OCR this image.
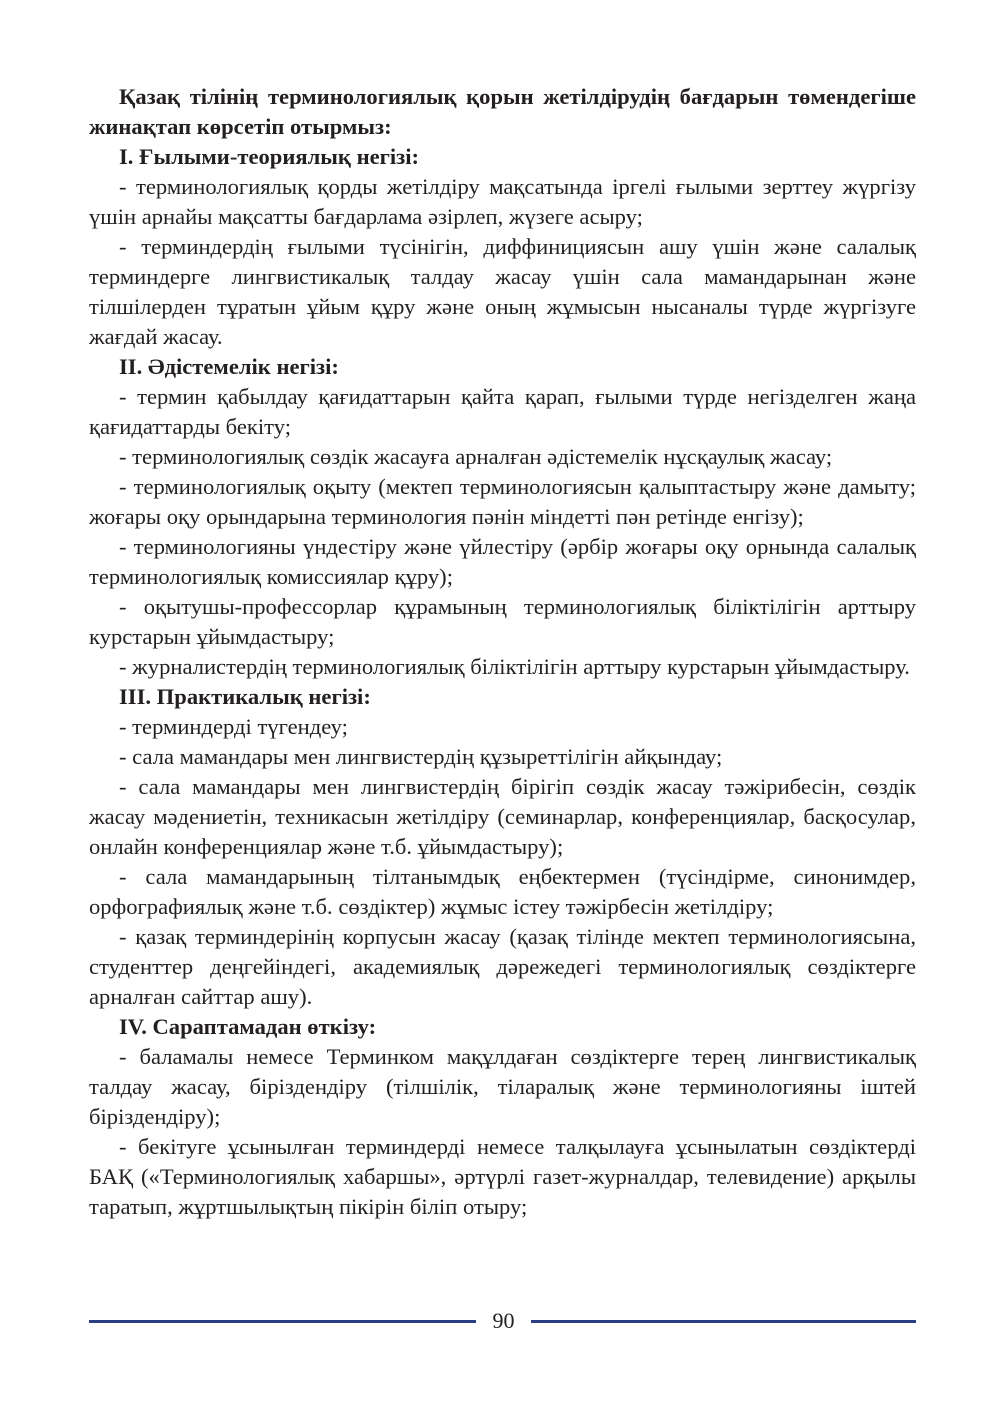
Қазақ тілінің терминологиялық қорын жетілдірудің бағдарын төмендегіше жинақтап көрсетіп отырмыз:

І. Ғылыми-теориялық негізі:

- терминологиялық қорды жетілдіру мақсатында іргелі ғылыми зерттеу жүргізу үшін арнайы мақсатты бағдарлама әзірлеп, жүзеге асыру;

- терминдердің ғылыми түсінігін, диффинициясын ашу үшін және салалық терминдерге лингвистикалық талдау жасау үшін сала мамандарынан және тілшілерден тұратын ұйым құру және оның жұмысын нысаналы түрде жүргізуге жағдай жасау.

ІІ. Әдістемелік негізі:

- термин қабылдау қағидаттарын қайта қарап, ғылыми түрде негізделген жаңа қағидаттарды бекіту;

- терминологиялық сөздік жасауға арналған әдістемелік нұсқаулық жасау;

- терминологиялық оқыту (мектеп терминологиясын қалыптастыру және дамыту; жоғары оқу орындарына терминология пәнін міндетті пән ретінде енгізу);

- терминологияны үндестіру және үйлестіру (әрбір жоғары оқу орнында салалық терминологиялық комиссиялар құру);

- оқытушы-профессорлар құрамының терминологиялық біліктілігін арттыру курстарын ұйымдастыру;

- журналистердің терминологиялық біліктілігін арттыру курстарын ұйымдастыру.

ІІІ. Практикалық негізі:

- терминдерді түгендеу;

- сала мамандары мен лингвистердің құзыреттілігін айқындау;

- сала мамандары мен лингвистердің бірігіп сөздік жасау тәжірибесін, сөздік жасау мәдениетін, техникасын жетілдіру (семинарлар, конференциялар, басқосулар, онлайн конференциялар және т.б. ұйымдастыру);

- сала мамандарының тілтанымдық еңбектермен (түсіндірме, синонимдер, орфографиялық және т.б. сөздіктер) жұмыс істеу тәжірбесін жетілдіру;

- қазақ терминдерінің корпусын жасау (қазақ тілінде мектеп терминологиясына, студенттер деңгейіндегі, академиялық дәрежедегі терминологиялық сөздіктерге арналған сайттар ашу).

ІV. Сараптамадан өткізу:

- баламалы немесе Терминком мақұлдаған сөздіктерге терең лингвистикалық талдау жасау, біріздендіру (тілшілік, тіларалық және терминологияны іштей біріздендіру);

- бекітуге ұсынылған терминдерді немесе талқылауға ұсынылатын сөздіктерді БАҚ («Терминологиялық хабаршы», әртүрлі газет-журналдар, телевидение) арқылы таратып, жұртшылықтың пікірін біліп отыру;

90
